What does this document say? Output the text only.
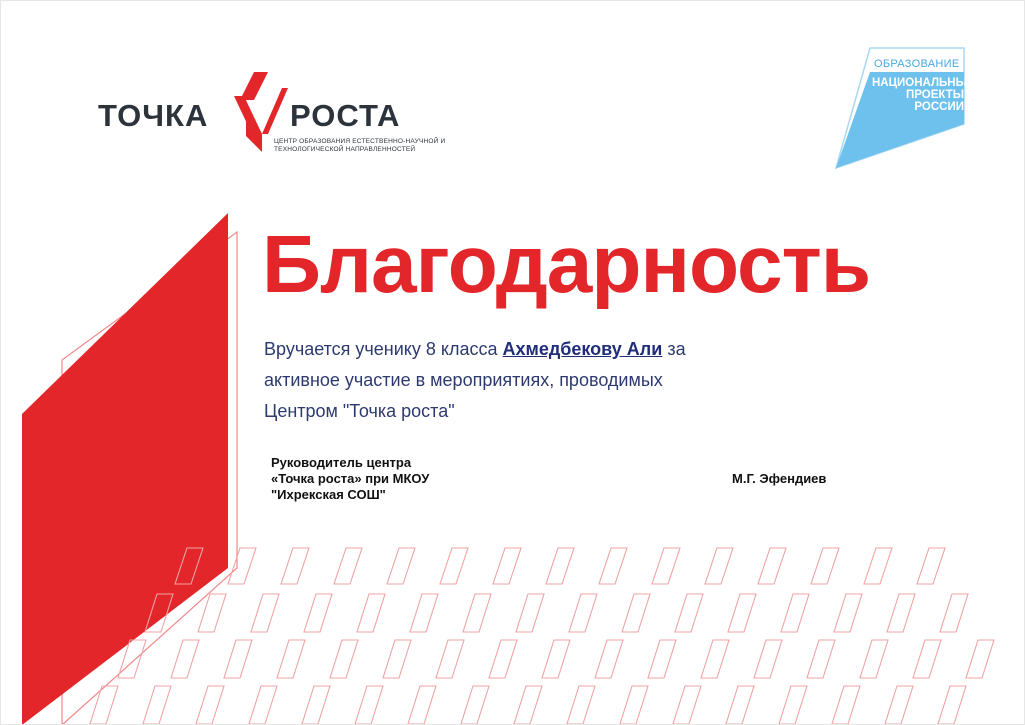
ТОЧКА	РОСТА
ЦЕНТР ОБРАЗОВАНИЯ ЕСТЕСТВЕННО-НАУЧНОЙ И
ТЕХНОЛОГИЧЕСКОЙ НАПРАВЛЕННОСТЕЙ
ОБРАЗОВАНИЕ
НАЦИОНАЛЬНЫЕ
ПРОЕКТЫ
РОССИИ
Благодарность

Вручается ученику 8 класса Ахмедбекову Али за

активное участие в мероприятиях, проводимых

Центром "Точка роста"

Руководитель центра
«Точка роста» при МКОУ
"Ихрекская СОШ"
М.Г. Эфендиев
